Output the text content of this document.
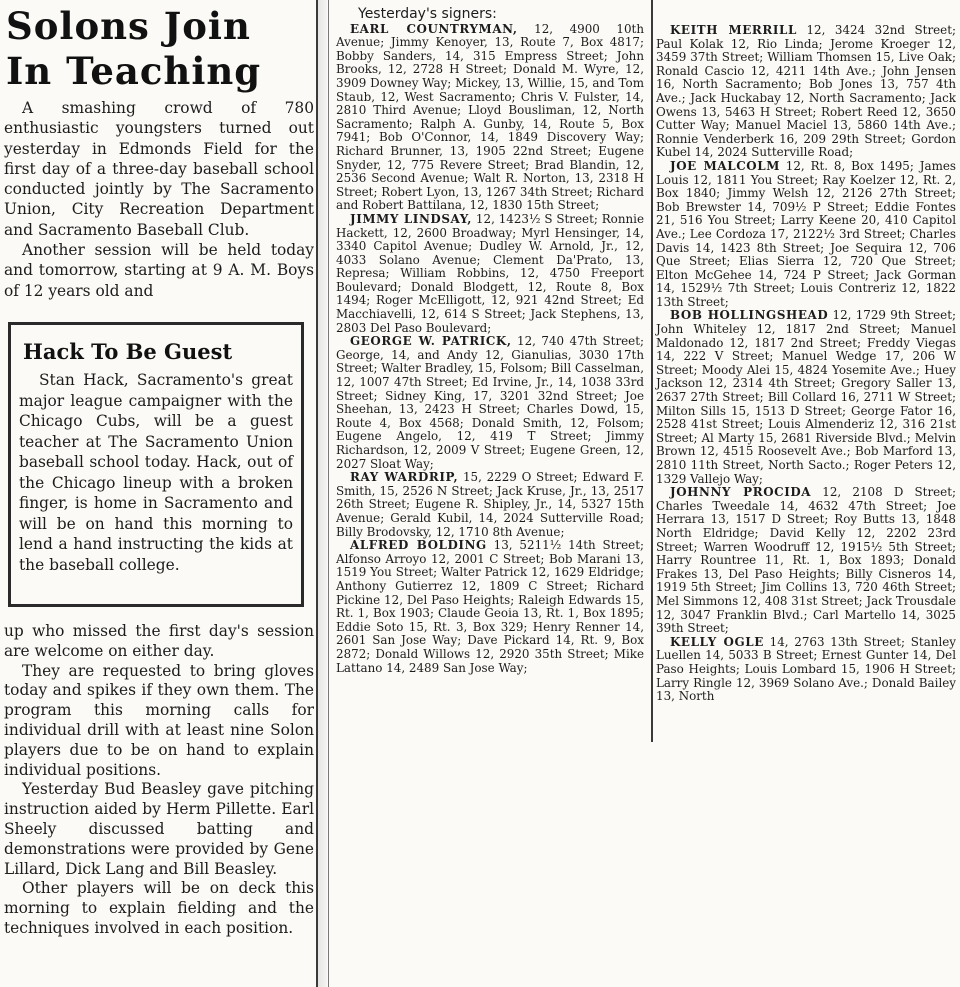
Solons Join
In Teaching

A smashing crowd of 780 enthusiastic youngsters turned out yesterday in Edmonds Field for the first day of a three-day baseball school conducted jointly by The Sacramento Union, City Recreation Department and Sacramento Baseball Club.

Another session will be held today and tomorrow, starting at 9 A. M. Boys of 12 years old and

Hack To Be Guest

Stan Hack, Sacramento's great major league campaigner with the Chicago Cubs, will be a guest teacher at The Sacramento Union baseball school today. Hack, out of the Chicago lineup with a broken finger, is home in Sacramento and will be on hand this morning to lend a hand instructing the kids at the baseball college.

up who missed the first day's session are welcome on either day.

They are requested to bring gloves today and spikes if they own them. The program this morning calls for individual drill with at least nine Solon players due to be on hand to explain individual positions.

Yesterday Bud Beasley gave pitching instruction aided by Herm Pillette. Earl Sheely discussed batting and demonstrations were provided by Gene Lillard, Dick Lang and Bill Beasley.

Other players will be on deck this morning to explain fielding and the techniques involved in each position.

Yesterday's signers:

EARL COUNTRYMAN, 12, 4900 10th Avenue; Jimmy Kenoyer, 13, Route 7, Box 4817; Bobby Sanders, 14, 315 Empress Street; John Brooks, 12, 2728 H Street; Donald M. Wyre, 12, 3909 Downey Way; Mickey, 13, Willie, 15, and Tom Staub, 12, West Sacramento; Chris V. Fulster, 14, 2810 Third Avenue; Lloyd Bousliman, 12, North Sacramento; Ralph A. Gunby, 14, Route 5, Box 7941; Bob O'Connor, 14, 1849 Discovery Way; Richard Brunner, 13, 1905 22nd Street; Eugene Snyder, 12, 775 Revere Street; Brad Blandin, 12, 2536 Second Avenue; Walt R. Norton, 13, 2318 H Street; Robert Lyon, 13, 1267 34th Street; Richard and Robert Battilana, 12, 1830 15th Street;

JIMMY LINDSAY, 12, 1423½ S Street; Ronnie Hackett, 12, 2600 Broadway; Myrl Hensinger, 14, 3340 Capitol Avenue; Dudley W. Arnold, Jr., 12, 4033 Solano Avenue; Clement Da'Prato, 13, Represa; William Robbins, 12, 4750 Freeport Boulevard; Donald Blodgett, 12, Route 8, Box 1494; Roger McElligott, 12, 921 42nd Street; Ed Macchiavelli, 12, 614 S Street; Jack Stephens, 13, 2803 Del Paso Boulevard;

GEORGE W. PATRICK, 12, 740 47th Street; George, 14, and Andy 12, Gianulias, 3030 17th Street; Walter Bradley, 15, Folsom; Bill Casselman, 12, 1007 47th Street; Ed Irvine, Jr., 14, 1038 33rd Street; Sidney King, 17, 3201 32nd Street; Joe Sheehan, 13, 2423 H Street; Charles Dowd, 15, Route 4, Box 4568; Donald Smith, 12, Folsom; Eugene Angelo, 12, 419 T Street; Jimmy Richardson, 12, 2009 V Street; Eugene Green, 12, 2027 Sloat Way;

RAY WARDRIP, 15, 2229 O Street; Edward F. Smith, 15, 2526 N Street; Jack Kruse, Jr., 13, 2517 26th Street; Eugene R. Shipley, Jr., 14, 5327 15th Avenue; Gerald Kubil, 14, 2024 Sutterville Road; Billy Brodovsky, 12, 1710 8th Avenue;

ALFRED BOLDING 13, 5211½ 14th Street; Alfonso Arroyo 12, 2001 C Street; Bob Marani 13, 1519 You Street; Walter Patrick 12, 1629 Eldridge; Anthony Gutierrez 12, 1809 C Street; Richard Pickine 12, Del Paso Heights; Raleigh Edwards 15, Rt. 1, Box 1903; Claude Geoia 13, Rt. 1, Box 1895; Eddie Soto 15, Rt. 3, Box 329; Henry Renner 14, 2601 San Jose Way; Dave Pickard 14, Rt. 9, Box 2872; Donald Willows 12, 2920 35th Street; Mike Lattano 14, 2489 San Jose Way;

KEITH MERRILL 12, 3424 32nd Street; Paul Kolak 12, Rio Linda; Jerome Kroeger 12, 3459 37th Street; William Thomsen 15, Live Oak; Ronald Cascio 12, 4211 14th Ave.; John Jensen 16, North Sacramento; Bob Jones 13, 757 4th Ave.; Jack Huckabay 12, North Sacramento; Jack Owens 13, 5463 H Street; Robert Reed 12, 3650 Cutter Way; Manuel Maciel 13, 5860 14th Ave.; Ronnie Venderberk 16, 209 29th Street; Gordon Kubel 14, 2024 Sutterville Road;

JOE MALCOLM 12, Rt. 8, Box 1495; James Louis 12, 1811 You Street; Ray Koelzer 12, Rt. 2, Box 1840; Jimmy Welsh 12, 2126 27th Street; Bob Brewster 14, 709½ P Street; Eddie Fontes 21, 516 You Street; Larry Keene 20, 410 Capitol Ave.; Lee Cordoza 17, 2122½ 3rd Street; Charles Davis 14, 1423 8th Street; Joe Sequira 12, 706 Que Street; Elias Sierra 12, 720 Que Street; Elton McGehee 14, 724 P Street; Jack Gorman 14, 1529½ 7th Street; Louis Contreriz 12, 1822 13th Street;

BOB HOLLINGSHEAD 12, 1729 9th Street; John Whiteley 12, 1817 2nd Street; Manuel Maldonado 12, 1817 2nd Street; Freddy Viegas 14, 222 V Street; Manuel Wedge 17, 206 W Street; Moody Alei 15, 4824 Yosemite Ave.; Huey Jackson 12, 2314 4th Street; Gregory Saller 13, 2637 27th Street; Bill Collard 16, 2711 W Street; Milton Sills 15, 1513 D Street; George Fator 16, 2528 41st Street; Louis Almenderiz 12, 316 21st Street; Al Marty 15, 2681 Riverside Blvd.; Melvin Brown 12, 4515 Roosevelt Ave.; Bob Marford 13, 2810 11th Street, North Sacto.; Roger Peters 12, 1329 Vallejo Way;

JOHNNY PROCIDA 12, 2108 D Street; Charles Tweedale 14, 4632 47th Street; Joe Herrara 13, 1517 D Street; Roy Butts 13, 1848 North Eldridge; David Kelly 12, 2202 23rd Street; Warren Woodruff 12, 1915½ 5th Street; Harry Rountree 11, Rt. 1, Box 1893; Donald Frakes 13, Del Paso Heights; Billy Cisneros 14, 1919 5th Street; Jim Collins 13, 720 46th Street; Mel Simmons 12, 408 31st Street; Jack Trousdale 12, 3047 Franklin Blvd.; Carl Martello 14, 3025 39th Street;

KELLY OGLE 14, 2763 13th Street; Stanley Luellen 14, 5033 B Street; Ernest Gunter 14, Del Paso Heights; Louis Lombard 15, 1906 H Street; Larry Ringle 12, 3969 Solano Ave.; Donald Bailey 13, North
